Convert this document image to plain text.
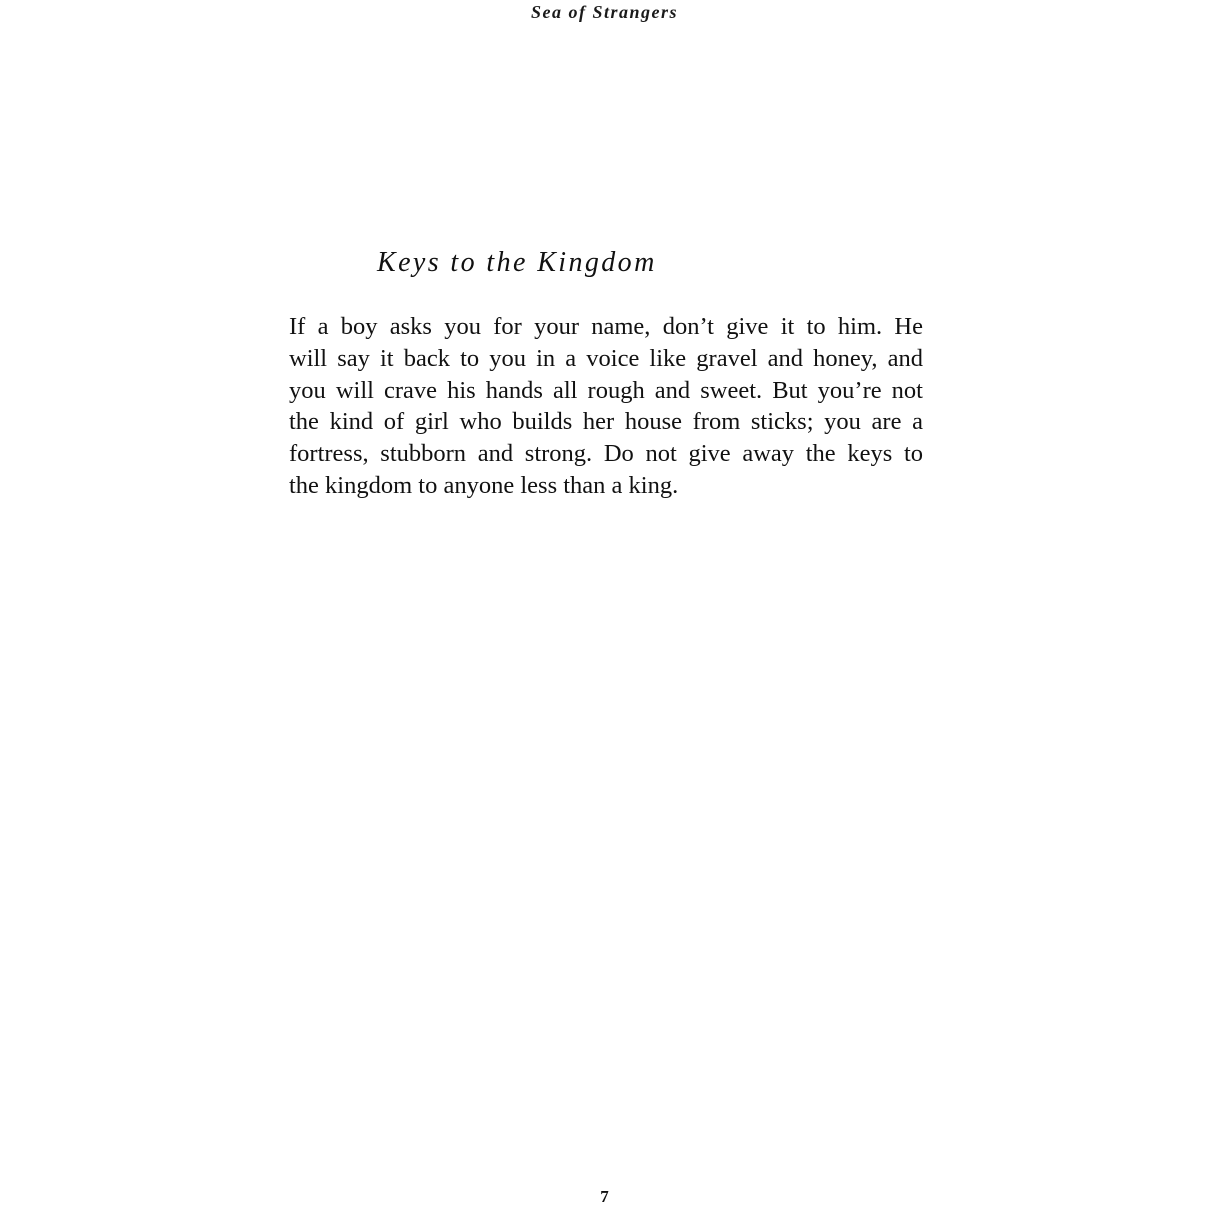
Sea of Strangers
Keys to the Kingdom
If a boy asks you for your name, don’t give it to him. He
will say it back to you in a voice like gravel and honey, and
you will crave his hands all rough and sweet. But you’re not
the kind of girl who builds her house from sticks; you are a
fortress, stubborn and strong. Do not give away the keys to
the kingdom to anyone less than a king.
7
